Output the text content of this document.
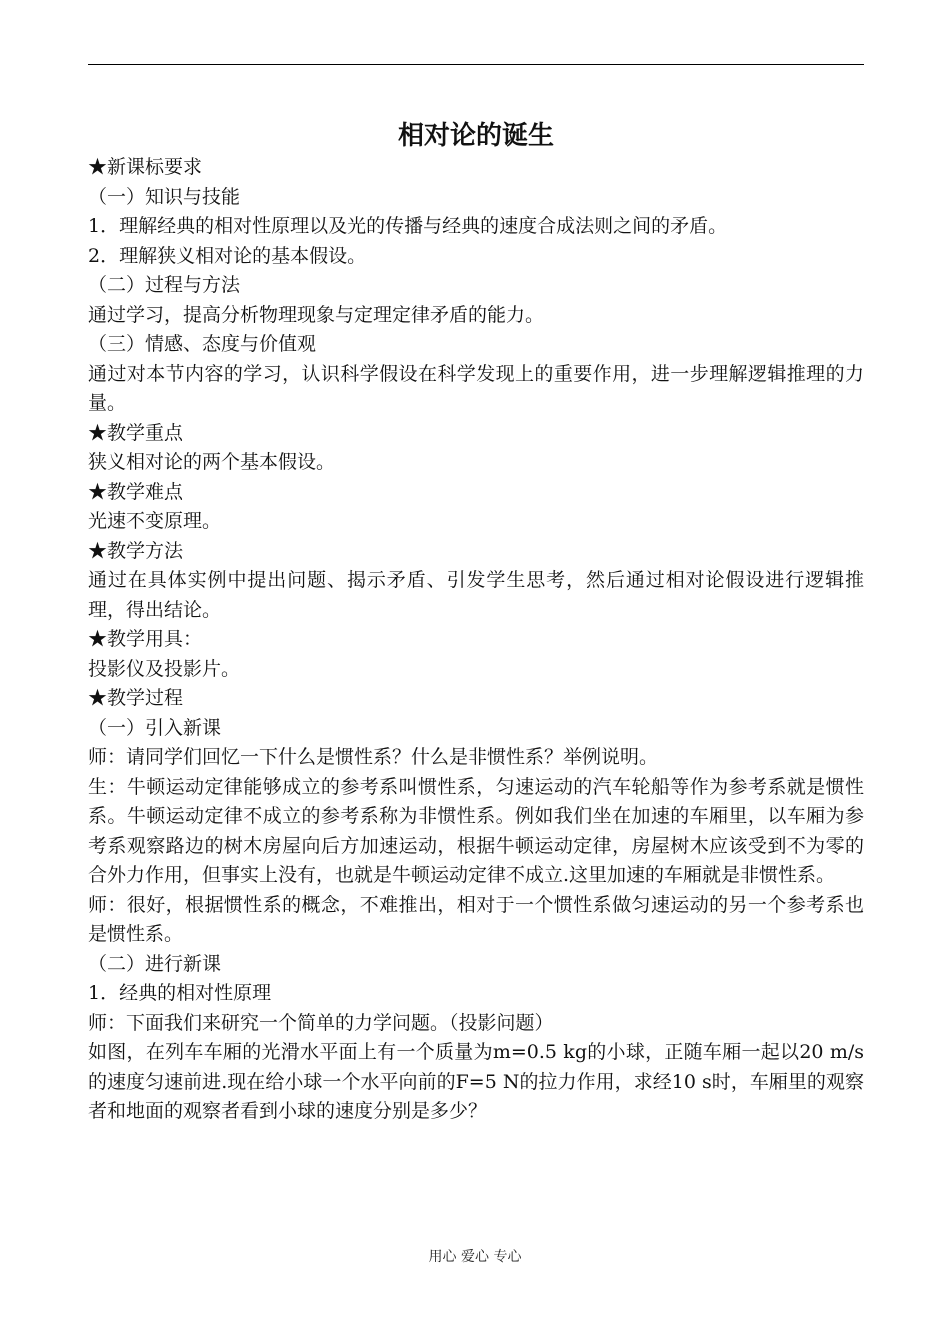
相对论的诞生

★新课标要求

（一）知识与技能

1．理解经典的相对性原理以及光的传播与经典的速度合成法则之间的矛盾。

2．理解狭义相对论的基本假设。

（二）过程与方法

通过学习，提高分析物理现象与定理定律矛盾的能力。

（三）情感、态度与价值观

通过对本节内容的学习，认识科学假设在科学发现上的重要作用，进一步理解逻辑推理的力量。

★教学重点

狭义相对论的两个基本假设。

★教学难点

光速不变原理。

★教学方法

通过在具体实例中提出问题、揭示矛盾、引发学生思考，然后通过相对论假设进行逻辑推理，得出结论。

★教学用具：

投影仪及投影片。

★教学过程

（一）引入新课

师：请同学们回忆一下什么是惯性系？什么是非惯性系？举例说明。

生：牛顿运动定律能够成立的参考系叫惯性系，匀速运动的汽车轮船等作为参考系就是惯性系。牛顿运动定律不成立的参考系称为非惯性系。例如我们坐在加速的车厢里，以车厢为参考系观察路边的树木房屋向后方加速运动，根据牛顿运动定律，房屋树木应该受到不为零的合外力作用，但事实上没有，也就是牛顿运动定律不成立.这里加速的车厢就是非惯性系。

师：很好，根据惯性系的概念，不难推出，相对于一个惯性系做匀速运动的另一个参考系也是惯性系。

（二）进行新课

1．经典的相对性原理

师：下面我们来研究一个简单的力学问题。（投影问题）

如图，在列车车厢的光滑水平面上有一个质量为m=0.5 kg的小球，正随车厢一起以20 m/s的速度匀速前进.现在给小球一个水平向前的F=5 N的拉力作用，求经10 s时，车厢里的观察者和地面的观察者看到小球的速度分别是多少？

用心 爱心 专心
